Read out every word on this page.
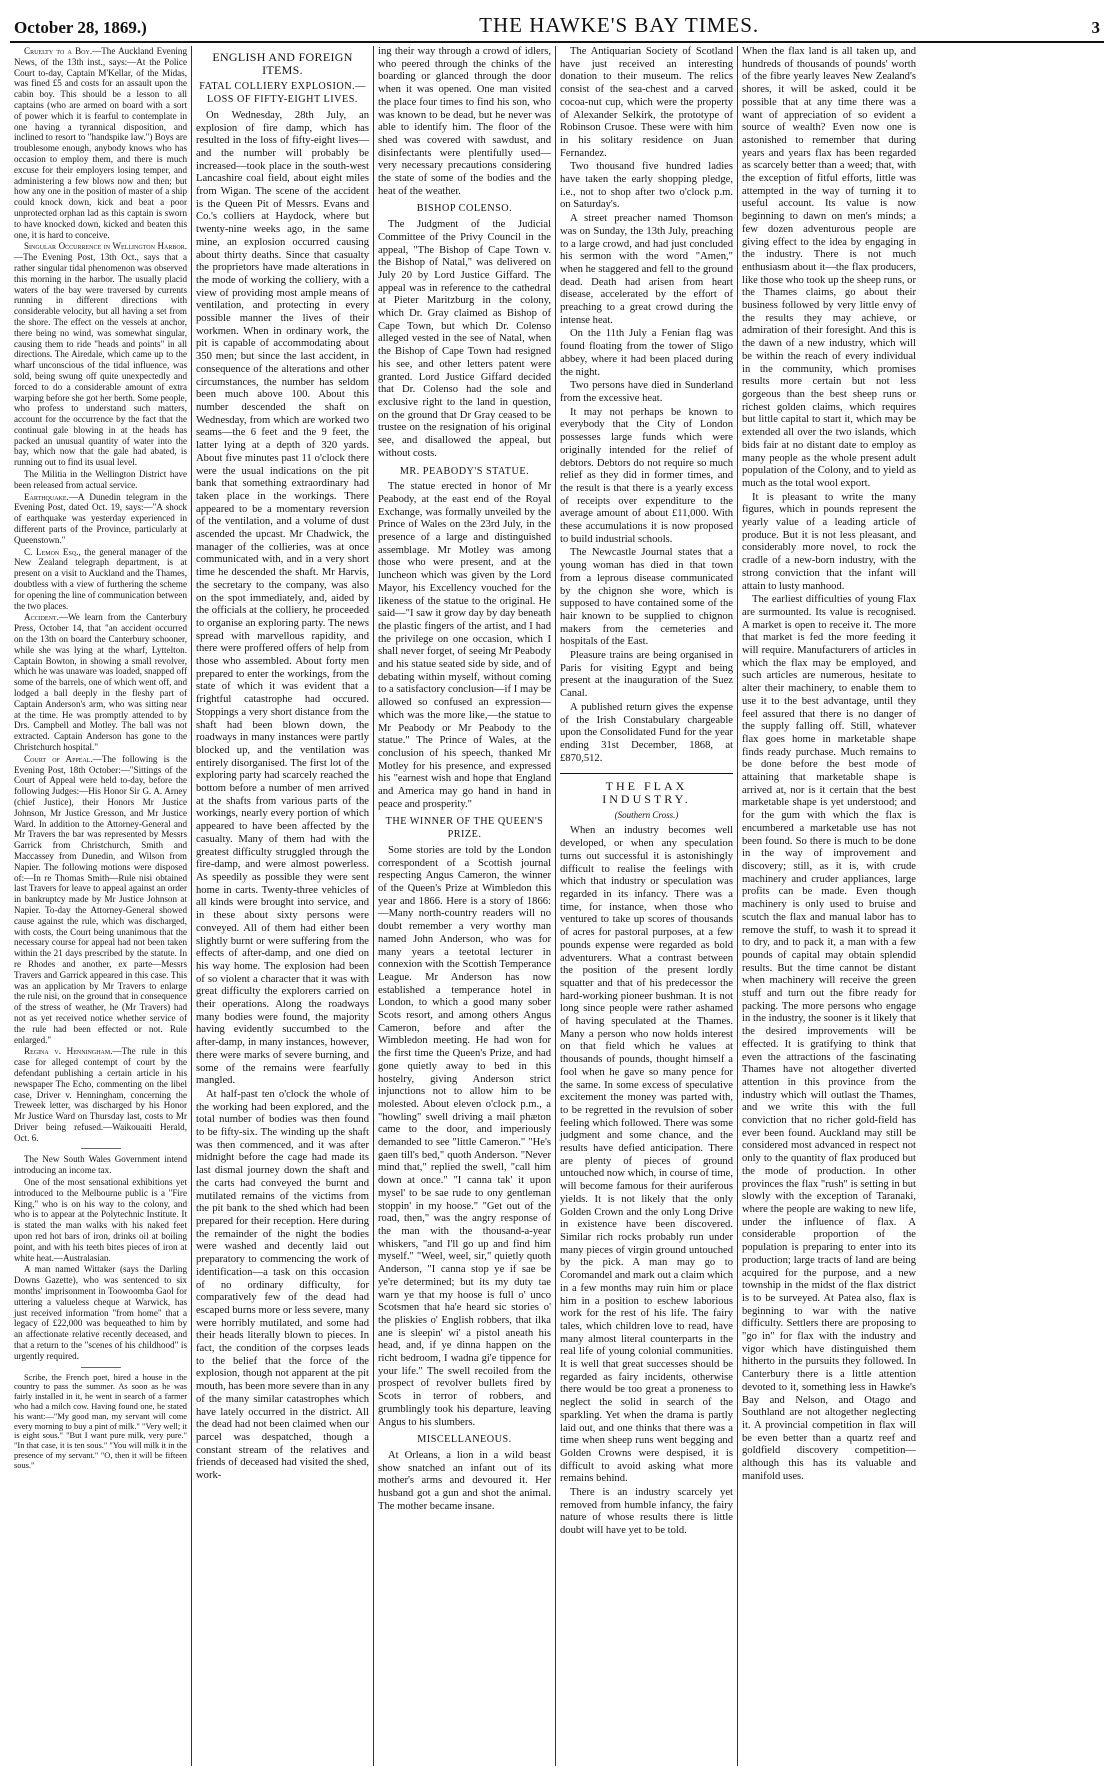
October 28, 1869.)	THE HAWKE'S BAY TIMES.	3

Cruelty to a Boy.—The Auckland Evening News, of the 13th inst., says:—At the Police Court to-day, Captain M'Kellar, of the Midas, was fined £5 and costs for an assault upon the cabin boy. This should be a lesson to all captains (who are armed on board with a sort of power which it is fearful to contemplate in one having a tyrannical disposition, and inclined to resort to "handspike law.") Boys are troublesome enough, anybody knows who has occasion to employ them, and there is much excuse for their employers losing temper, and administering a few blows now and then; but how any one in the position of master of a ship could knock down, kick and beat a poor unprotected orphan lad as this captain is sworn to have knocked down, kicked and beaten this one, it is hard to conceive.

Singular Occurrence in Wellington Harbor.—The Evening Post, 13th Oct., says that a rather singular tidal phenomenon was observed this morning in the harbor. The usually placid waters of the bay were traversed by currents running in different directions with considerable velocity, but all having a set from the shore. The effect on the vessels at anchor, there being no wind, was somewhat singular, causing them to ride "heads and points" in all directions. The Airedale, which came up to the wharf unconscious of the tidal influence, was sold, being swung off quite unexpectedly and forced to do a considerable amount of extra warping before she got her berth. Some people, who profess to understand such matters, account for the occurrence by the fact that the continual gale blowing in at the heads has packed an unusual quantity of water into the bay, which now that the gale had abated, is running out to find its usual level.

The Militia in the Wellington District have been released from actual service.

Earthquake.—A Dunedin telegram in the Evening Post, dated Oct. 19, says:—"A shock of earthquake was yesterday experienced in different parts of the Province, particularly at Queenstown."

C. Lemon Esq., the general manager of the New Zealand telegraph department, is at present on a visit to Auckland and the Thames, doubtless with a view of furthering the scheme for opening the line of communication between the two places.

Accident.—We learn from the Canterbury Press, October 14, that "an accident occurred on the 13th on board the Canterbury schooner, while she was lying at the wharf, Lyttelton. Captain Bowton, in showing a small revolver, which he was unaware was loaded, snapped off some of the barrels, one of which went off, and lodged a ball deeply in the fleshy part of Captain Anderson's arm, who was sitting near at the time. He was promptly attended to by Drs. Campbell and Motley. The ball was not extracted. Captain Anderson has gone to the Christchurch hospital."

Court of Appeal.—The following is the Evening Post, 18th October:—"Sittings of the Court of Appeal were held to-day, before the following Judges:—His Honor Sir G. A. Arney (chief Justice), their Honors Mr Justice Johnson, Mr Justice Gresson, and Mr Justice Ward. In addition to the Attorney-General and Mr Travers the bar was represented by Messrs Garrick from Christchurch, Smith and Maccassey from Dunedin, and Wilson from Napier. The following motions were disposed of:—In re Thomas Smith—Rule nisi obtained last Travers for leave to appeal against an order in bankruptcy made by Mr Justice Johnson at Napier. To-day the Attorney-General showed cause against the rule, which was discharged, with costs, the Court being unanimous that the necessary course for appeal had not been taken within the 21 days prescribed by the statute. In re Rhodes and another, ex parte—Messrs Travers and Garrick appeared in this case. This was an application by Mr Travers to enlarge the rule nisi, on the ground that in consequence of the stress of weather, he (Mr Travers) had not as yet received notice whether service of the rule had been effected or not. Rule enlarged."

Regina v. Henningham.—The rule in this case for alleged contempt of court by the defendant publishing a certain article in his newspaper The Echo, commenting on the libel case, Driver v. Henningham, concerning the Treweek letter, was discharged by his Honor Mr Justice Ward on Thursday last, costs to Mr Driver being refused.—Waikouaiti Herald, Oct. 6.

The New South Wales Government intend introducing an income tax.

One of the most sensational exhibitions yet introduced to the Melbourne public is a "Fire King," who is on his way to the colony, and who is to appear at the Polytechnic Institute. It is stated the man walks with his naked feet upon red hot bars of iron, drinks oil at boiling point, and with his teeth bites pieces of iron at white heat.—Australasian.

A man named Wittaker (says the Darling Downs Gazette), who was sentenced to six months' imprisonment in Toowoomba Gaol for uttering a valueless cheque at Warwick, has just received information "from home" that a legacy of £22,000 was bequeathed to him by an affectionate relative recently deceased, and that a return to the "scenes of his childhood" is urgently required.

Scribe, the French poet, hired a house in the country to pass the summer. As soon as he was fairly installed in it, he went in search of a farmer who had a milch cow. Having found one, he stated his want:—"My good man, my servant will come every morning to buy a pint of milk." "Very well; it is eight sous." "But I want pure milk, very pure." "In that case, it is ten sous." "You will milk it in the presence of my servant." "O, then it will be fifteen sous."

ENGLISH AND FOREIGN ITEMS.
FATAL COLLIERY EXPLOSION.—LOSS OF FIFTY-EIGHT LIVES.

On Wednesday, 28th July, an explosion of fire damp, which has resulted in the loss of fifty-eight lives—and the number will probably be increased—took place in the south-west Lancashire coal field, about eight miles from Wigan. The scene of the accident is the Queen Pit of Messrs. Evans and Co.'s colliers at Haydock, where but twenty-nine weeks ago, in the same mine, an explosion occurred causing about thirty deaths. Since that casualty the proprietors have made alterations in the mode of working the colliery, with a view of providing most ample means of ventilation, and protecting in every possible manner the lives of their workmen. When in ordinary work, the pit is capable of accommodating about 350 men; but since the last accident, in consequence of the alterations and other circumstances, the number has seldom been much above 100. About this number descended the shaft on Wednesday, from which are worked two seams—the 6 feet and the 9 feet, the latter lying at a depth of 320 yards. About five minutes past 11 o'clock there were the usual indications on the pit bank that something extraordinary had taken place in the workings. There appeared to be a momentary reversion of the ventilation, and a volume of dust ascended the upcast. Mr Chadwick, the manager of the collieries, was at once communicated with, and in a very short time he descended the shaft. Mr Harvis, the secretary to the company, was also on the spot immediately, and, aided by the officials at the colliery, he proceeded to organise an exploring party. The news spread with marvellous rapidity, and there were proffered offers of help from those who assembled. About forty men prepared to enter the workings, from the state of which it was evident that a frightful catastrophe had occured. Stoppings a very short distance from the shaft had been blown down, the roadways in many instances were partly blocked up, and the ventilation was entirely disorganised. The first lot of the exploring party had scarcely reached the bottom before a number of men arrived at the shafts from various parts of the workings, nearly every portion of which appeared to have been affected by the casualty. Many of them had with the greatest difficulty struggled through the fire-damp, and were almost powerless. As speedily as possible they were sent home in carts. Twenty-three vehicles of all kinds were brought into service, and in these about sixty persons were conveyed. All of them had either been slightly burnt or were suffering from the effects of after-damp, and one died on his way home. The explosion had been of so violent a character that it was with great difficulty the explorers carried on their operations. Along the roadways many bodies were found, the majority having evidently succumbed to the after-damp, in many instances, however, there were marks of severe burning, and some of the remains were fearfully mangled.

At half-past ten o'clock the whole of the working had been explored, and the total number of bodies was then found to be fifty-six. The winding up the shaft was then commenced, and it was after midnight before the cage had made its last dismal journey down the shaft and the carts had conveyed the burnt and mutilated remains of the victims from the pit bank to the shed which had been prepared for their reception. Here during the remainder of the night the bodies were washed and decently laid out preparatory to commencing the work of identification—a task on this occasion of no ordinary difficulty, for comparatively few of the dead had escaped burns more or less severe, many were horribly mutilated, and some had their heads literally blown to pieces. In fact, the condition of the corpses leads to the belief that the force of the explosion, though not apparent at the pit mouth, has been more severe than in any of the many similar catastrophes which have lately occurred in the district. All the dead had not been claimed when our parcel was despatched, though a constant stream of the relatives and friends of deceased had visited the shed, work-

ing their way through a crowd of idlers, who peered through the chinks of the boarding or glanced through the door when it was opened. One man visited the place four times to find his son, who was known to be dead, but he never was able to identify him. The floor of the shed was covered with sawdust, and disinfectants were plentifully used—very necessary precautions considering the state of some of the bodies and the heat of the weather.

BISHOP COLENSO.

The Judgment of the Judicial Committee of the Privy Council in the appeal, "The Bishop of Cape Town v. the Bishop of Natal," was delivered on July 20 by Lord Justice Giffard. The appeal was in reference to the cathedral at Pieter Maritzburg in the colony, which Dr. Gray claimed as Bishop of Cape Town, but which Dr. Colenso alleged vested in the see of Natal, when the Bishop of Cape Town had resigned his see, and other letters patent were granted. Lord Justice Giffard decided that Dr. Colenso had the sole and exclusive right to the land in question, on the ground that Dr Gray ceased to be trustee on the resignation of his original see, and disallowed the appeal, but without costs.

MR. PEABODY'S STATUE.

The statue erected in honor of Mr Peabody, at the east end of the Royal Exchange, was formally unveiled by the Prince of Wales on the 23rd July, in the presence of a large and distinguished assemblage. Mr Motley was among those who were present, and at the luncheon which was given by the Lord Mayor, his Excellency vouched for the likeness of the statue to the original. He said—"I saw it grow day by day beneath the plastic fingers of the artist, and I had the privilege on one occasion, which I shall never forget, of seeing Mr Peabody and his statue seated side by side, and of debating within myself, without coming to a satisfactory conclusion—if I may be allowed so confused an expression—which was the more like,—the statue to Mr Peabody or Mr Peabody to the statue." The Prince of Wales, at the conclusion of his speech, thanked Mr Motley for his presence, and expressed his "earnest wish and hope that England and America may go hand in hand in peace and prosperity."

THE WINNER OF THE QUEEN'S PRIZE.

Some stories are told by the London correspondent of a Scottish journal respecting Angus Cameron, the winner of the Queen's Prize at Wimbledon this year and 1866. Here is a story of 1866:—Many north-country readers will no doubt remember a very worthy man named John Anderson, who was for many years a teetotal lecturer in connexion with the Scottish Temperance League. Mr Anderson has now established a temperance hotel in London, to which a good many sober Scots resort, and among others Angus Cameron, before and after the Wimbledon meeting. He had won for the first time the Queen's Prize, and had gone quietly away to bed in this hostelry, giving Anderson strict injunctions not to allow him to be molested. About eleven o'clock p.m., a "howling" swell driving a mail phæton came to the door, and imperiously demanded to see "little Cameron." "He's gaen till's bed," quoth Anderson. "Never mind that," replied the swell, "call him down at once." "I canna tak' it upon mysel' to be sae rude to ony gentleman stoppin' in my hoose." "Get out of the road, then," was the angry response of the man with the thousand-a-year whiskers, "and I'll go up and find him myself." "Weel, weel, sir," quietly quoth Anderson, "I canna stop ye if sae be ye're determined; but its my duty tae warn ye that my hoose is full o' unco Scotsmen that ha'e heard sic stories o' the pliskies o' English robbers, that ilka ane is sleepin' wi' a pistol aneath his head, and, if ye dinna happen on the richt bedroom, I wadna gi'e tippence for your life." The swell recoiled from the prospect of revolver bullets fired by Scots in terror of robbers, and grumblingly took his departure, leaving Angus to his slumbers.

MISCELLANEOUS.

At Orleans, a lion in a wild beast show snatched an infant out of its mother's arms and devoured it. Her husband got a gun and shot the animal. The mother became insane.

The Antiquarian Society of Scotland have just received an interesting donation to their museum. The relics consist of the sea-chest and a carved cocoa-nut cup, which were the property of Alexander Selkirk, the prototype of Robinson Crusoe. These were with him in his solitary residence on Juan Fernandez.

Two thousand five hundred ladies have taken the early shopping pledge, i.e., not to shop after two o'clock p.m. on Saturday's.

A street preacher named Thomson was on Sunday, the 13th July, preaching to a large crowd, and had just concluded his sermon with the word "Amen," when he staggered and fell to the ground dead. Death had arisen from heart disease, accelerated by the effort of preaching to a great crowd during the intense heat.

On the 11th July a Fenian flag was found floating from the tower of Sligo abbey, where it had been placed during the night.

Two persons have died in Sunderland from the excessive heat.

It may not perhaps be known to everybody that the City of London possesses large funds which were originally intended for the relief of debtors. Debtors do not require so much relief as they did in former times, and the result is that there is a yearly excess of receipts over expenditure to the average amount of about £11,000. With these accumulations it is now proposed to build industrial schools.

The Newcastle Journal states that a young woman has died in that town from a leprous disease communicated by the chignon she wore, which is supposed to have contained some of the hair known to be supplied to chignon makers from the cemeteries and hospitals of the East.

Pleasure trains are being organised in Paris for visiting Egypt and being present at the inauguration of the Suez Canal.

A published return gives the expense of the Irish Constabulary chargeable upon the Consolidated Fund for the year ending 31st December, 1868, at £870,512.

THE FLAX INDUSTRY.
(Southern Cross.)

When an industry becomes well developed, or when any speculation turns out successful it is astonishingly difficult to realise the feelings with which that industry or speculation was regarded in its infancy. There was a time, for instance, when those who ventured to take up scores of thousands of acres for pastoral purposes, at a few pounds expense were regarded as bold adventurers. What a contrast between the position of the present lordly squatter and that of his predecessor the hard-working pioneer bushman. It is not long since people were rather ashamed of having speculated at the Thames. Many a person who now holds interest on that field which he values at thousands of pounds, thought himself a fool when he gave so many pence for the same. In some excess of speculative excitement the money was parted with, to be regretted in the revulsion of sober feeling which followed. There was some judgment and some chance, and the results have defied anticipation. There are plenty of pieces of ground untouched now which, in course of time, will become famous for their auriferous yields. It is not likely that the only Golden Crown and the only Long Drive in existence have been discovered. Similar rich rocks probably run under many pieces of virgin ground untouched by the pick. A man may go to Coromandel and mark out a claim which in a few months may ruin him or place him in a position to eschew laborious work for the rest of his life. The fairy tales, which children love to read, have many almost literal counterparts in the real life of young colonial communities. It is well that great successes should be regarded as fairy incidents, otherwise there would be too great a proneness to neglect the solid in search of the sparkling. Yet when the drama is partly laid out, and one thinks that there was a time when sheep runs went begging and Golden Crowns were despised, it is difficult to avoid asking what more remains behind.

There is an industry scarcely yet removed from humble infancy, the fairy nature of whose results there is little doubt will have yet to be told.

When the flax land is all taken up, and hundreds of thousands of pounds' worth of the fibre yearly leaves New Zealand's shores, it will be asked, could it be possible that at any time there was a want of appreciation of so evident a source of wealth? Even now one is astonished to remember that during years and years flax has been regarded as scarcely better than a weed; that, with the exception of fitful efforts, little was attempted in the way of turning it to useful account. Its value is now beginning to dawn on men's minds; a few dozen adventurous people are giving effect to the idea by engaging in the industry. There is not much enthusiasm about it—the flax producers, like those who took up the sheep runs, or the Thames claims, go about their business followed by very little envy of the results they may achieve, or admiration of their foresight. And this is the dawn of a new industry, which will be within the reach of every individual in the community, which promises results more certain but not less gorgeous than the best sheep runs or richest golden claims, which requires but little capital to start it, which may be extended all over the two islands, which bids fair at no distant date to employ as many people as the whole present adult population of the Colony, and to yield as much as the total wool export.

It is pleasant to write the many figures, which in pounds represent the yearly value of a leading article of produce. But it is not less pleasant, and considerably more novel, to rock the cradle of a new-born industry, with the strong conviction that the infant will attain to lusty manhood.

The earliest difficulties of young Flax are surmounted. Its value is recognised. A market is open to receive it. The more that market is fed the more feeding it will require. Manufacturers of articles in which the flax may be employed, and such articles are numerous, hesitate to alter their machinery, to enable them to use it to the best advantage, until they feel assured that there is no danger of the supply falling off. Still, whatever flax goes home in marketable shape finds ready purchase. Much remains to be done before the best mode of attaining that marketable shape is arrived at, nor is it certain that the best marketable shape is yet understood; and for the gum with which the flax is encumbered a marketable use has not been found. So there is much to be done in the way of improvement and discovery; still, as it is, with crude machinery and cruder appliances, large profits can be made. Even though machinery is only used to bruise and scutch the flax and manual labor has to remove the stuff, to wash it to spread it to dry, and to pack it, a man with a few pounds of capital may obtain splendid results. But the time cannot be distant when machinery will receive the green stuff and turn out the fibre ready for packing. The more persons who engage in the industry, the sooner is it likely that the desired improvements will be effected. It is gratifying to think that even the attractions of the fascinating Thames have not altogether diverted attention in this province from the industry which will outlast the Thames, and we write this with the full conviction that no richer gold-field has ever been found. Auckland may still be considered most advanced in respect not only to the quantity of flax produced but the mode of production. In other provinces the flax "rush" is setting in but slowly with the exception of Taranaki, where the people are waking to new life, under the influence of flax. A considerable proportion of the population is preparing to enter into its production; large tracts of land are being acquired for the purpose, and a new township in the midst of the flax district is to be surveyed. At Patea also, flax is beginning to war with the native difficulty. Settlers there are proposing to "go in" for flax with the industry and vigor which have distinguished them hitherto in the pursuits they followed. In Canterbury there is a little attention devoted to it, something less in Hawke's Bay and Nelson, and Otago and Southland are not altogether neglecting it. A provincial competition in flax will be even better than a quartz reef and goldfield discovery competition—although this has its valuable and manifold uses.
